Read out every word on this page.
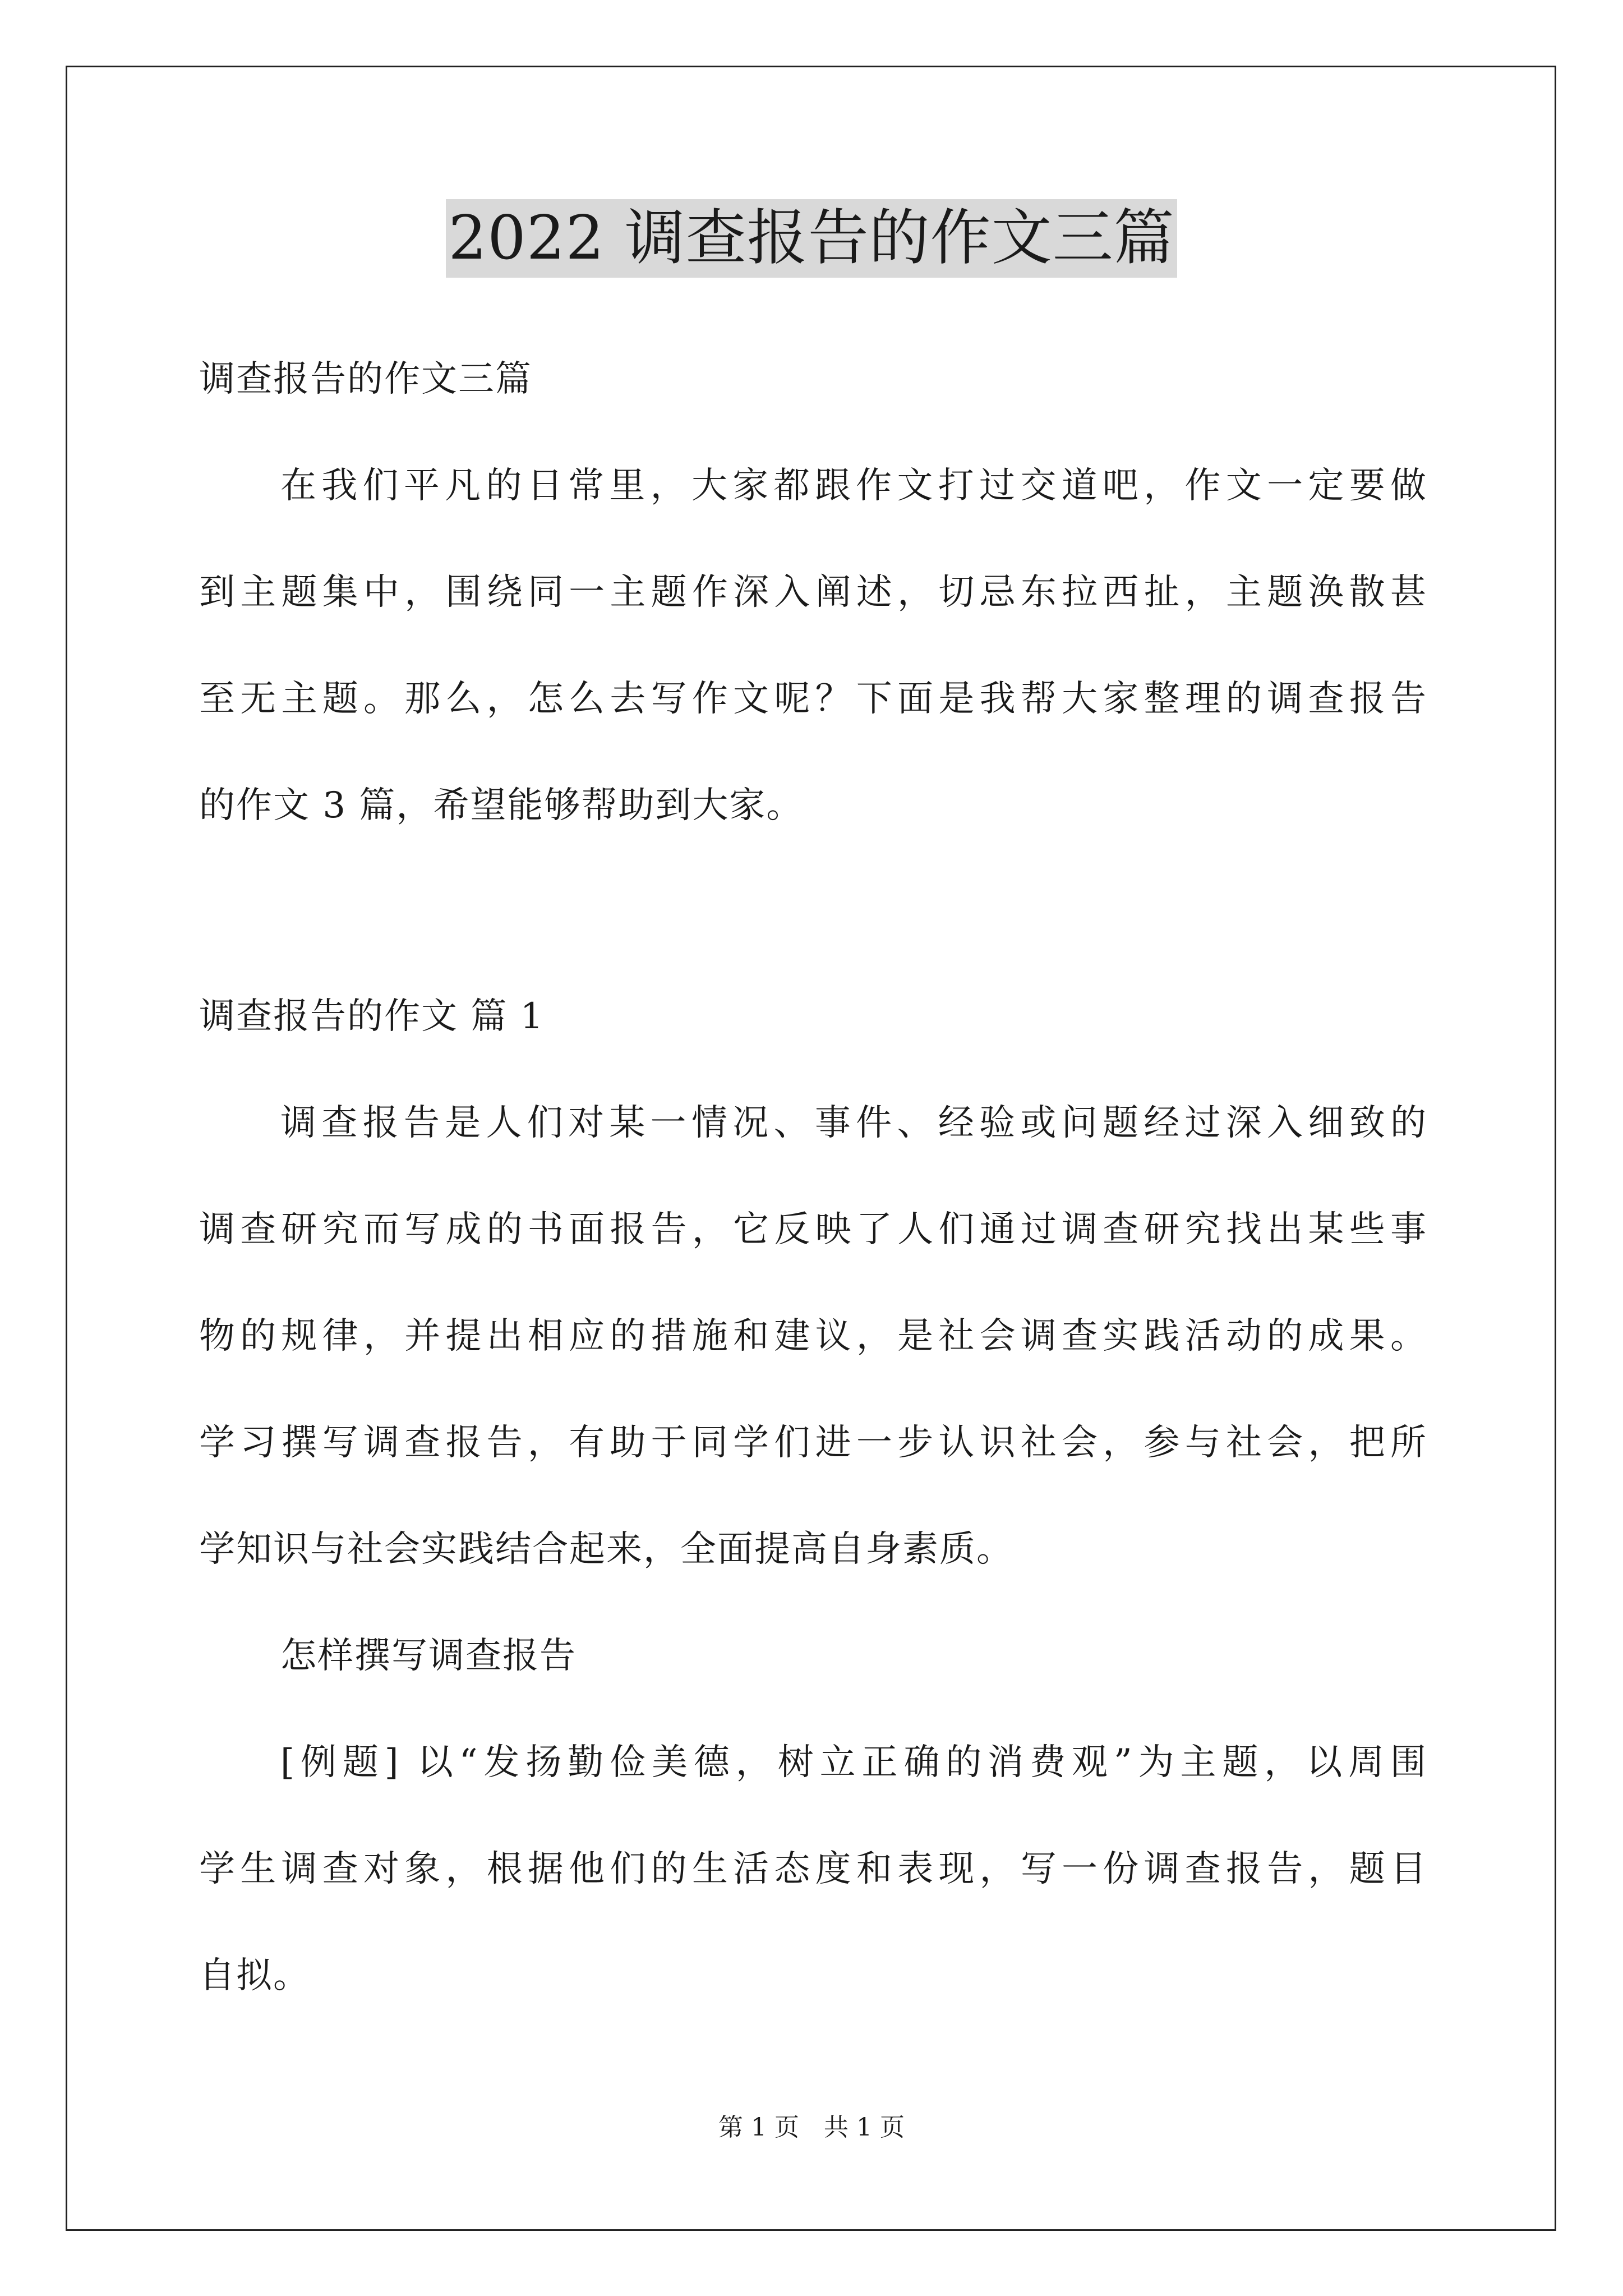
2022 调查报告的作文三篇
调查报告的作文三篇
在我们平凡的日常里，大家都跟作文打过交道吧，作文一定要做
到主题集中，围绕同一主题作深入阐述，切忌东拉西扯，主题涣散甚
至无主题。那么，怎么去写作文呢？下面是我帮大家整理的调查报告
的作文 3 篇，希望能够帮助到大家。
调查报告的作文 篇 1
调查报告是人们对某一情况、事件、经验或问题经过深入细致的
调查研究而写成的书面报告，它反映了人们通过调查研究找出某些事
物的规律，并提出相应的措施和建议，是社会调查实践活动的成果。
学习撰写调查报告，有助于同学们进一步认识社会，参与社会，把所
学知识与社会实践结合起来，全面提高自身素质。
怎样撰写调查报告
[例题] 以“发扬勤俭美德，树立正确的消费观”为主题，以周围
学生调查对象，根据他们的生活态度和表现，写一份调查报告，题目
自拟。
第 1 页　共 1 页
